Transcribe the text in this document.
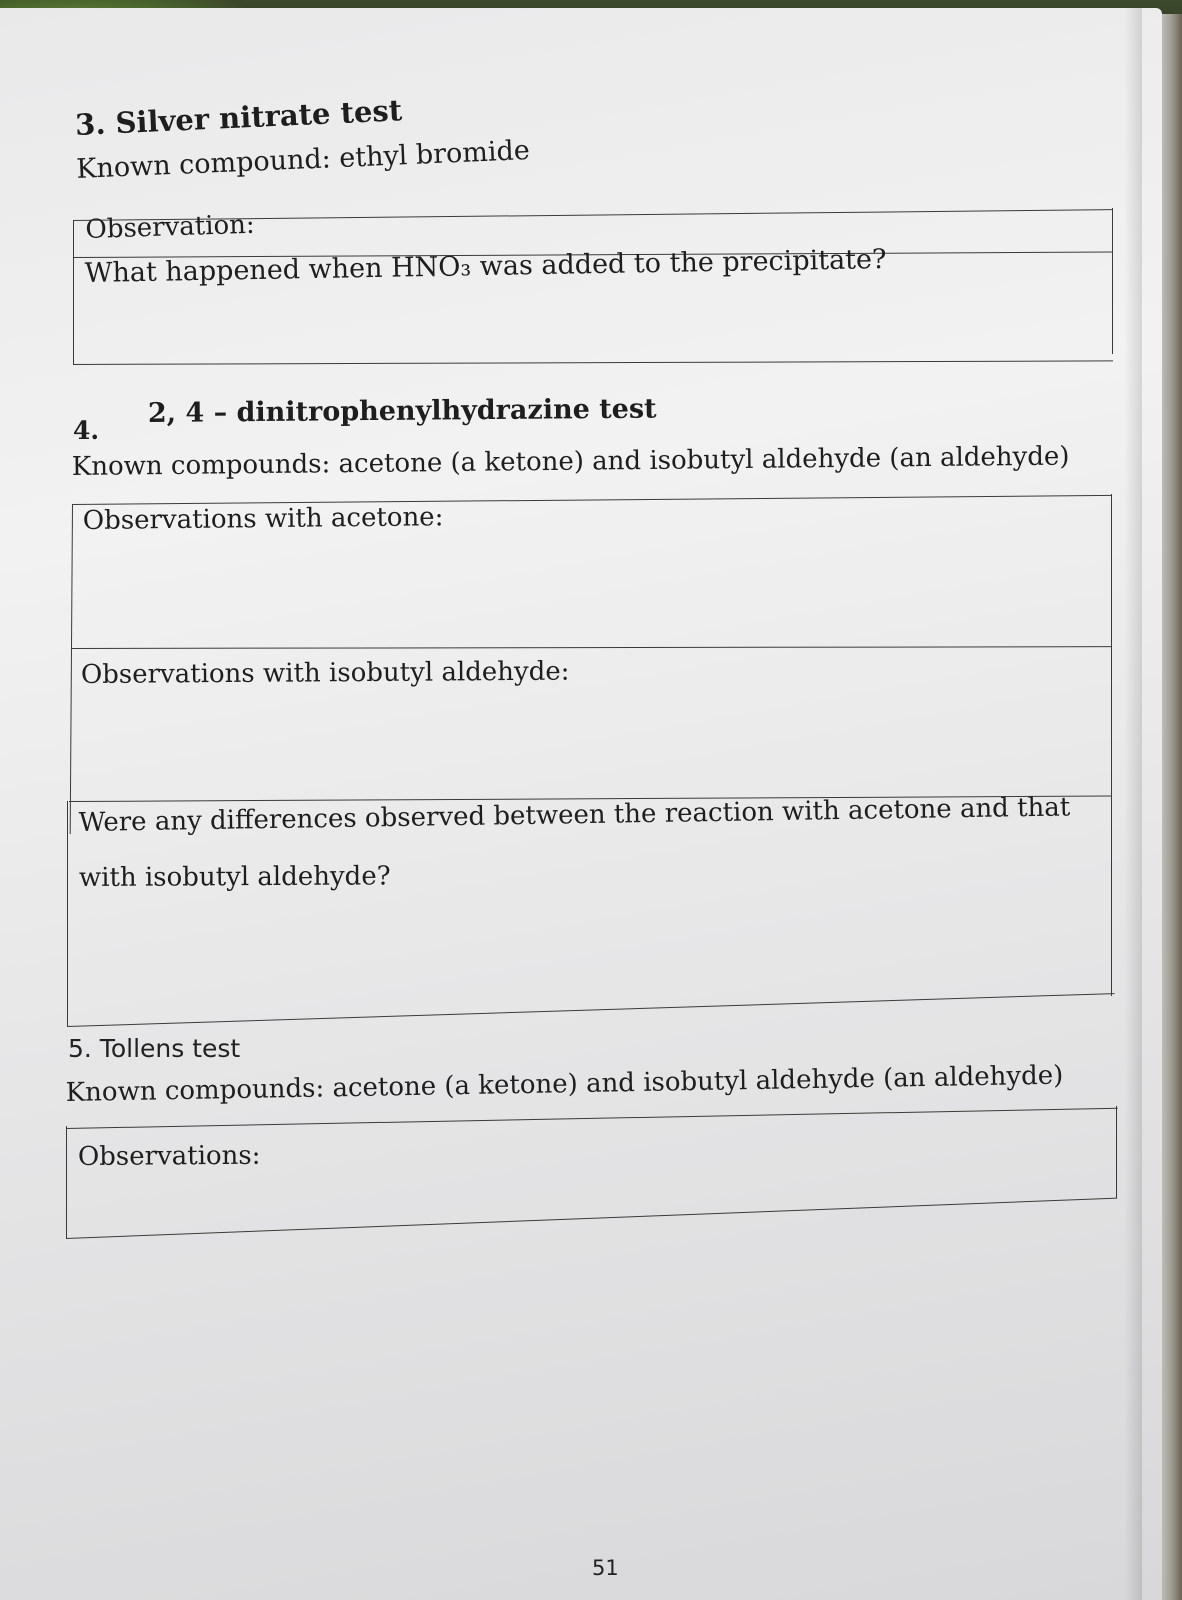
3. Silver nitrate test
Known compound: ethyl bromide
Observation:
What happened when HNO₃ was added to the precipitate?
4.
2, 4 – dinitrophenylhydrazine test
Known compounds: acetone (a ketone) and isobutyl aldehyde (an aldehyde)
Observations with acetone:
Observations with isobutyl aldehyde:
Were any differences observed between the reaction with acetone and that
with isobutyl aldehyde?
5. Tollens test
Known compounds: acetone (a ketone) and isobutyl aldehyde (an aldehyde)
Observations:
51
